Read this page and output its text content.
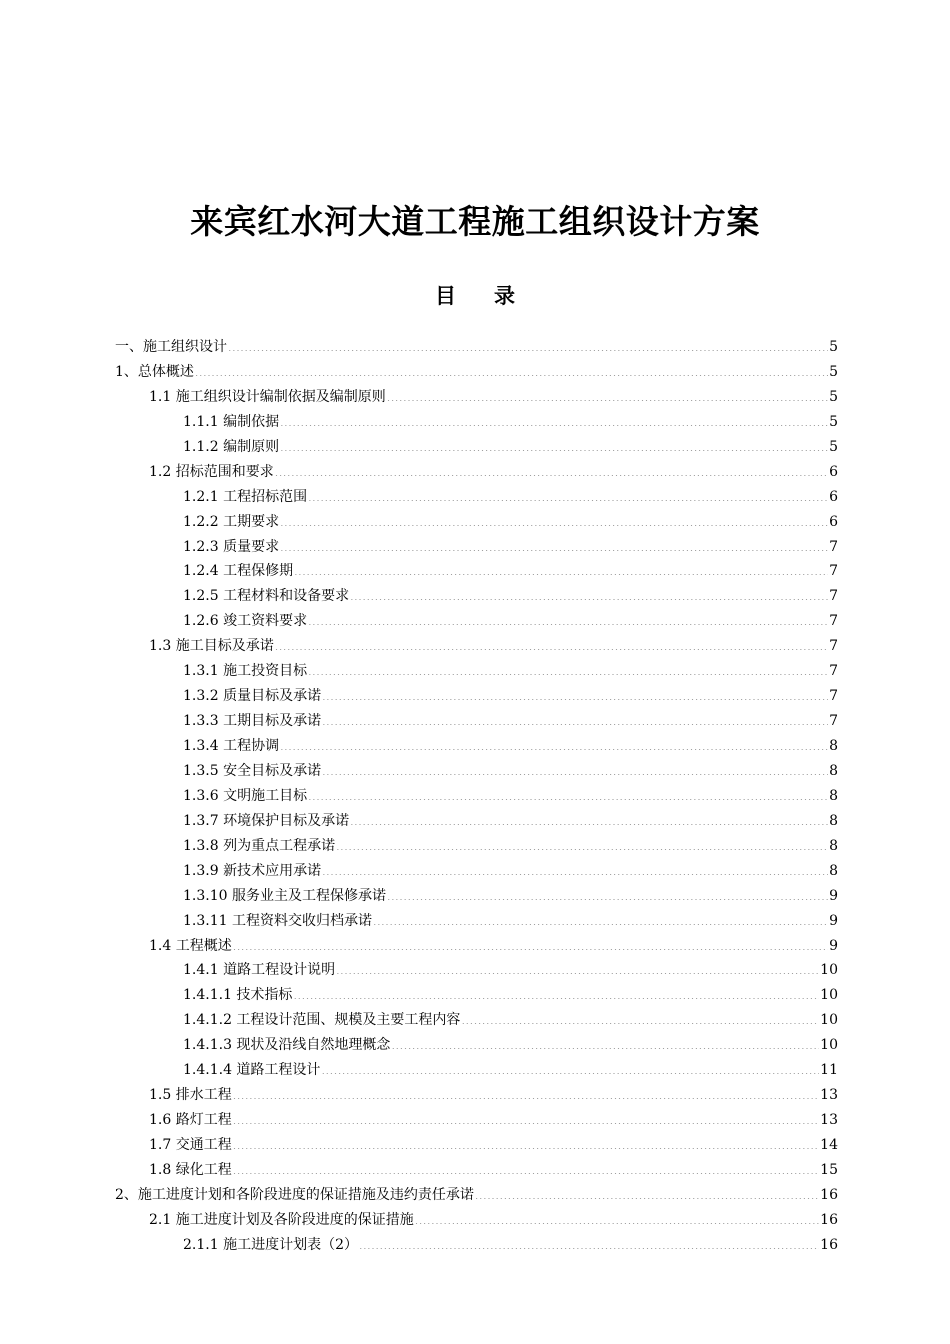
来宾红水河大道工程施工组织设计方案
目 录
一、施工组织设计 .....	5
1、总体概述 .....	5
1.1 施工组织设计编制依据及编制原则 .....	5
1.1.1 编制依据 .....	5
1.1.2 编制原则 .....	5
1.2 招标范围和要求 .....	6
1.2.1 工程招标范围 .....	6
1.2.2 工期要求 .....	6
1.2.3 质量要求 .....	7
1.2.4 工程保修期 .....	7
1.2.5 工程材料和设备要求 .....	7
1.2.6 竣工资料要求 .....	7
1.3 施工目标及承诺 .....	7
1.3.1 施工投资目标 .....	7
1.3.2 质量目标及承诺 .....	7
1.3.3 工期目标及承诺 .....	7
1.3.4 工程协调 .....	8
1.3.5 安全目标及承诺 .....	8
1.3.6 文明施工目标 .....	8
1.3.7 环境保护目标及承诺 .....	8
1.3.8 列为重点工程承诺 .....	8
1.3.9 新技术应用承诺 .....	8
1.3.10 服务业主及工程保修承诺 .....	9
1.3.11 工程资料交收归档承诺 .....	9
1.4 工程概述 .....	9
1.4.1 道路工程设计说明 .....	10
1.4.1.1 技术指标 .....	10
1.4.1.2 工程设计范围、规模及主要工程内容 .....	10
1.4.1.3 现状及沿线自然地理概念 .....	10
1.4.1.4 道路工程设计 .....	11
1.5 排水工程 .....	13
1.6 路灯工程 .....	13
1.7 交通工程 .....	14
1.8 绿化工程 .....	15
2、施工进度计划和各阶段进度的保证措施及违约责任承诺 .....	16
2.1 施工进度计划及各阶段进度的保证措施 .....	16
2.1.1 施工进度计划表（2） .....	16
